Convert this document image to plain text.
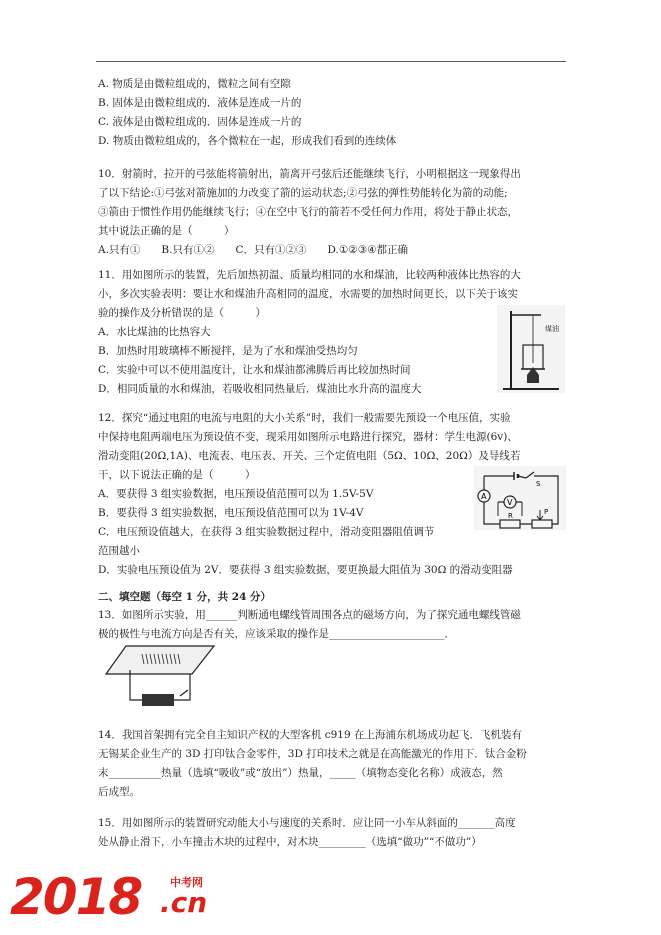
A. 物质是由微粒组成的，微粒之间有空隙
B. 固体是由微粒组成的．液体是连成一片的
C. 液体是由微粒组成的．固体是连成一片的
D. 物质由微粒组成的，各个微粒在一起，形成我们看到的连续体
10．射箭时，拉开的弓弦能将箭射出，箭离开弓弦后还能继续飞行，小明根据这一现象得出
了以下结论:①弓弦对箭施加的力改变了箭的运动状态;②弓弦的弹性势能转化为箭的动能;
③箭由于惯性作用仍能继续飞行；④在空中飞行的箭若不受任何力作用，将处于静止状态，
其中说法正确的是（　　　）
A.只有①　　B.只有①②　　C．只有①②③　　D.①②③④都正确
11．用如图所示的装置，先后加热初温、质量均相同的水和煤油，比较两种液体比热容的大
小，多次实验表明：要让水和煤油升高相同的温度，水需要的加热时间更长，以下关于该实
验的操作及分析错误的是（　　　）
A．水比煤油的比热容大
B．加热时用玻璃棒不断搅拌，是为了水和煤油受热均匀
C．实验中可以不使用温度计，让水和煤油都沸腾后再比较加热时间
D．相同质量的水和煤油，若吸收相同热量后．煤油比水升高的温度大
12．探究“通过电阻的电流与电阻的大小关系”时，我们一般需要先预设一个电压值，实验
中保持电阻两端电压为预设值不变，现采用如图所示电路进行探究，器材：学生电源(6v)、
滑动变阻(20Ω,1A)、电流表、电压表、开关、三个定值电阻（5Ω、10Ω、20Ω）及导线若
干，以下说法正确的是（　　　）
A．要获得 3 组实验数据，电压预设值范围可以为 1.5V-5V
B．要获得 3 组实验数据，电压预设值范围可以为 1V-4V
C．电压预设值越大，在获得 3 组实验数据过程中，滑动变阻器阻值调节
范围越小
D．实验电压预设值为 2V．要获得 3 组实验数据，要更换最大阻值为 30Ω 的滑动变阻器
二、填空题（每空 1 分，共 24 分）
13．如图所示实验，用______判断通电螺线管周围各点的磁场方向，为了探究通电螺线管磁
极的极性与电流方向是否有关，应该采取的操作是______________________．
14．我国首架拥有完全自主知识产权的大型客机 c919 在上海浦东机场成功起飞．飞机装有
无锡某企业生产的 3D 打印钛合金零件，3D 打印技术之就是在高能激光的作用下．钛合金粉
末__________热量（选填“吸收”或“放出”）热量，_____（填物态变化名称）成液态，然
后成型。
15．用如图所示的装置研究动能大小与速度的关系时．应让同一小车从斜面的_______高度
处从静止滑下，小车撞击木块的过程中，对木块_________（选填“做功”“不做功”）
煤油
S
A
V
R	P
2018	中考网
.cn
